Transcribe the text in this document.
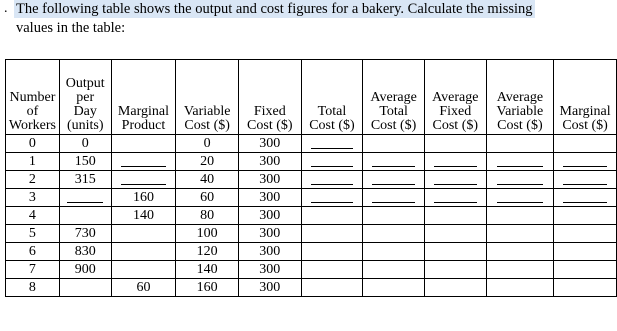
. The following table shows the output and cost figures for a bakery. Calculate the missing
values in the table:
Number
of
Workers	Output
per
Day
(units)	Marginal
Product	Variable
Cost ($)	Fixed
Cost ($)	Total
Cost ($)	Average
Total
Cost ($)	Average
Fixed
Cost ($)	Average
Variable
Cost ($)	Marginal
Cost ($)

0	0		0	300					

1	150		20	300					

2	315		40	300					

3		160	60	300					

4		140	80	300					

5	730		100	300					

6	830		120	300					

7	900		140	300					

8		60	160	300					
